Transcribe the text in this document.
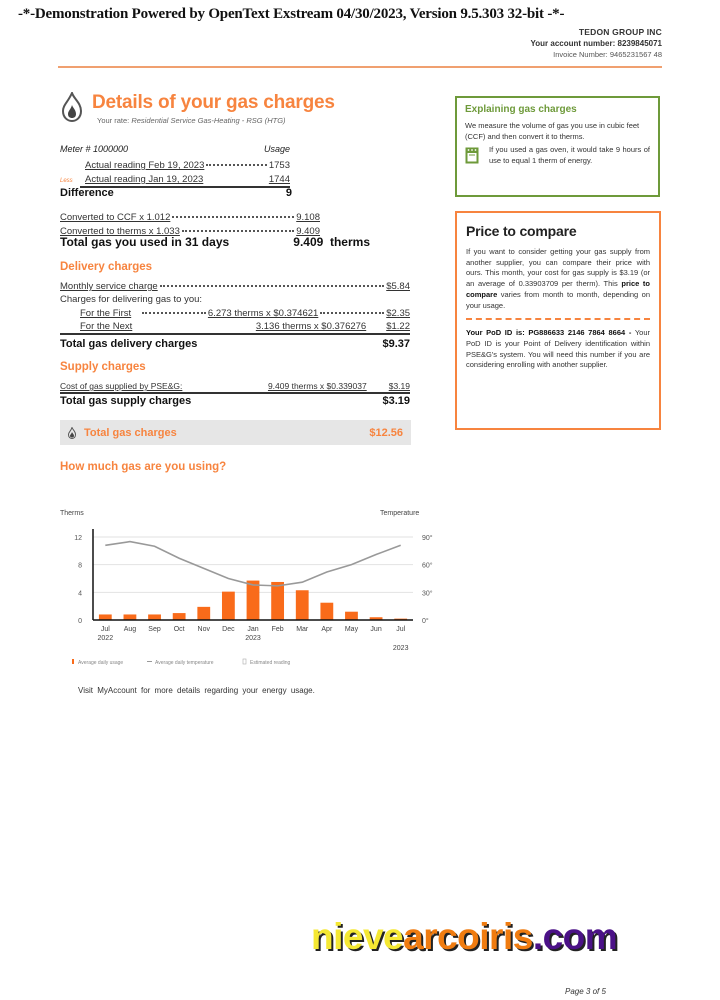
-*-Demonstration Powered by OpenText Exstream 04/30/2023, Version 9.5.303 32-bit -*-
TEDON GROUP INC
Your account number: 8239845071
Invoice Number: 9465231567 48
Details of your gas charges
Your rate: Residential Service Gas-Heating - RSG (HTG)
Meter # 1000000	Usage
Actual reading Feb 19, 2023	1753
Less Actual reading Jan 19, 2023	1744
Difference	9
Converted to CCF x 1.012	9.108
Converted to therms x 1.033	9.409
Total gas you used in 31 days	9.409 therms
Delivery charges
Monthly service charge	$5.84
Charges for delivering gas to you:
For the First	6.273 therms x $0.374621	$2.35
For the Next	3.136 therms x $0.376276 $1.22
Total gas delivery charges	$9.37
Supply charges
Cost of gas supplied by PSE&G:	9.409 therms x $0.339037	$3.19
Total gas supply charges	$3.19
Total gas charges	$12.56
Explaining gas charges
We measure the volume of gas you use in cubic feet (CCF) and then convert it to therms.
If you used a gas oven, it would take 9 hours of use to equal 1 therm of energy.
Price to compare
If you want to consider getting your gas supply from another supplier, you can compare their price with ours. This month, your cost for gas supply is $3.19 (or an average of 0.33903709 per therm). This price to compare varies from month to month, depending on your usage.
Your PoD ID is: PG886633 2146 7864 8664 - Your PoD ID is your Point of Delivery identification within PSE&G's system. You will need this number if you are considering enrolling with another supplier.
How much gas are you using?
Therms	Temperature
0
4
8
12
0°
30°
60°
90°
Jul Aug Sep Oct Nov Dec Jan Feb Mar Apr May Jun Jul
2022	2023
2023
Average daily usage	Average daily temperature	Estimated reading
Visit MyAccount for more details regarding your energy usage.
nievearcoiris.com
Page 3 of 5
